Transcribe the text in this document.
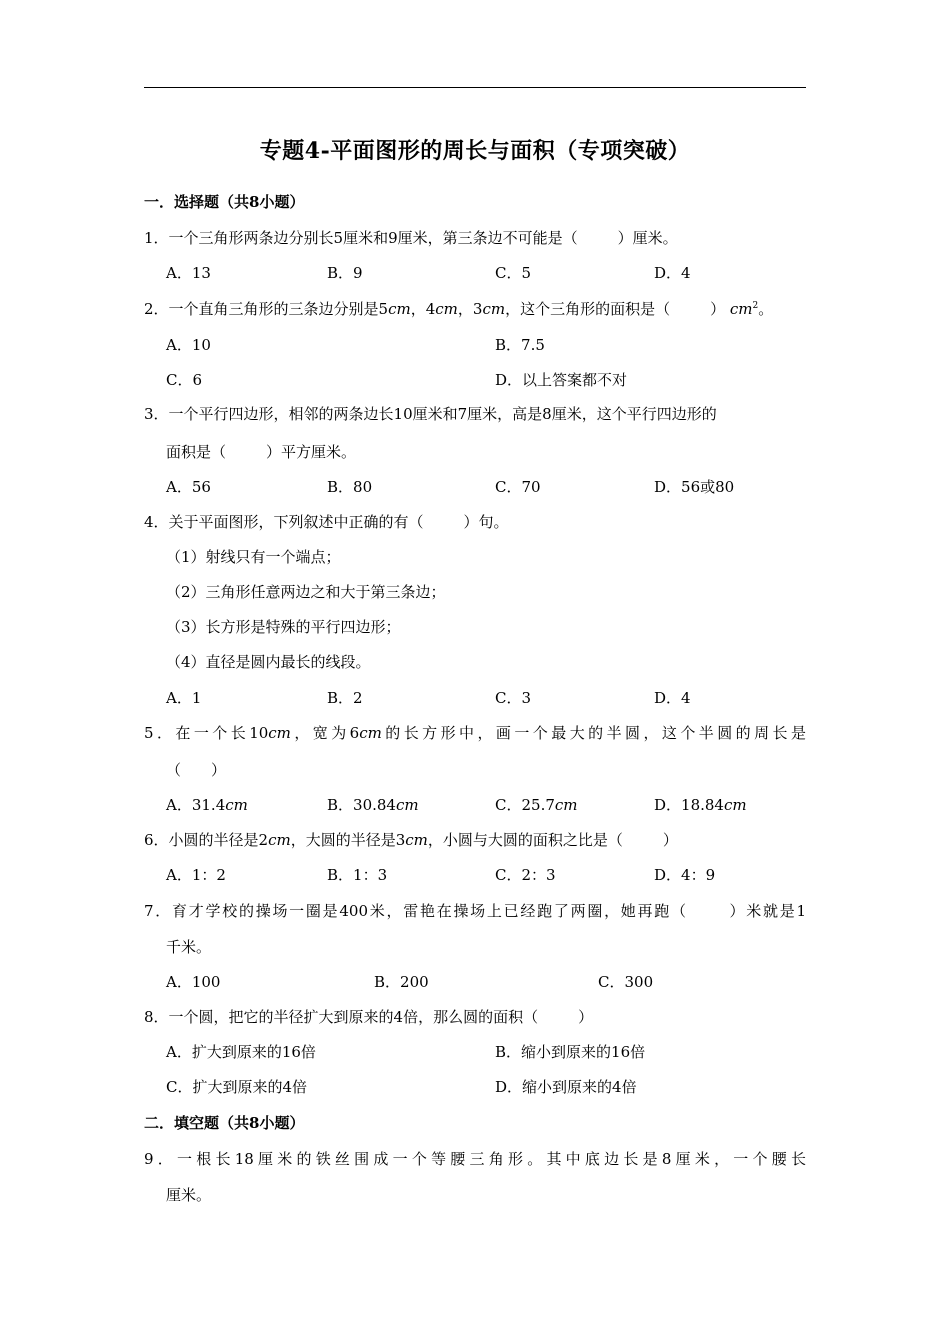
专题4-平面图形的周长与面积（专项突破）
一．选择题（共8小题）
1．一个三角形两条边分别长5厘米和9厘米，第三条边不可能是（	）厘米。
A．13	B．9	C．5	D．4
2．一个直角三角形的三条边分别是5cm，4cm，3cm，这个三角形的面积是（	） $cm^2$。
A．10	B．7.5
C．6	D．以上答案都不对
3．一个平行四边形，相邻的两条边长10厘米和7厘米，高是8厘米，这个平行四边形的
面积是（	）平方厘米。
A．56	B．80	C．70	D．56或80
4．关于平面图形，下列叙述中正确的有（	）句。
（1）射线只有一个端点；
（2）三角形任意两边之和大于第三条边；
（3）长方形是特殊的平行四边形；
（4）直径是圆内最长的线段。
A．1	B．2	C．3	D．4
5．在一个长10cm，宽为6cm的长方形中，画一个最大的半圆，这个半圆的周长是
（　　）
A．31.4cm	B．30.84cm	C．25.7cm	D．18.84cm
6．小圆的半径是2cm，大圆的半径是3cm，小圆与大圆的面积之比是（	）
A．1：2	B．1：3	C．2：3	D．4：9
7．育才学校的操场一圈是400米，雷艳在操场上已经跑了两圈，她再跑（	）米就是1
千米。
A．100	B．200	C．300
8．一个圆，把它的半径扩大到原来的4倍，那么圆的面积（	）
A．扩大到原来的16倍	B．缩小到原来的16倍
C．扩大到原来的4倍	D．缩小到原来的4倍
二．填空题（共8小题）
9．一根长18厘米的铁丝围成一个等腰三角形。其中底边长是8厘米，一个腰长
厘米。
